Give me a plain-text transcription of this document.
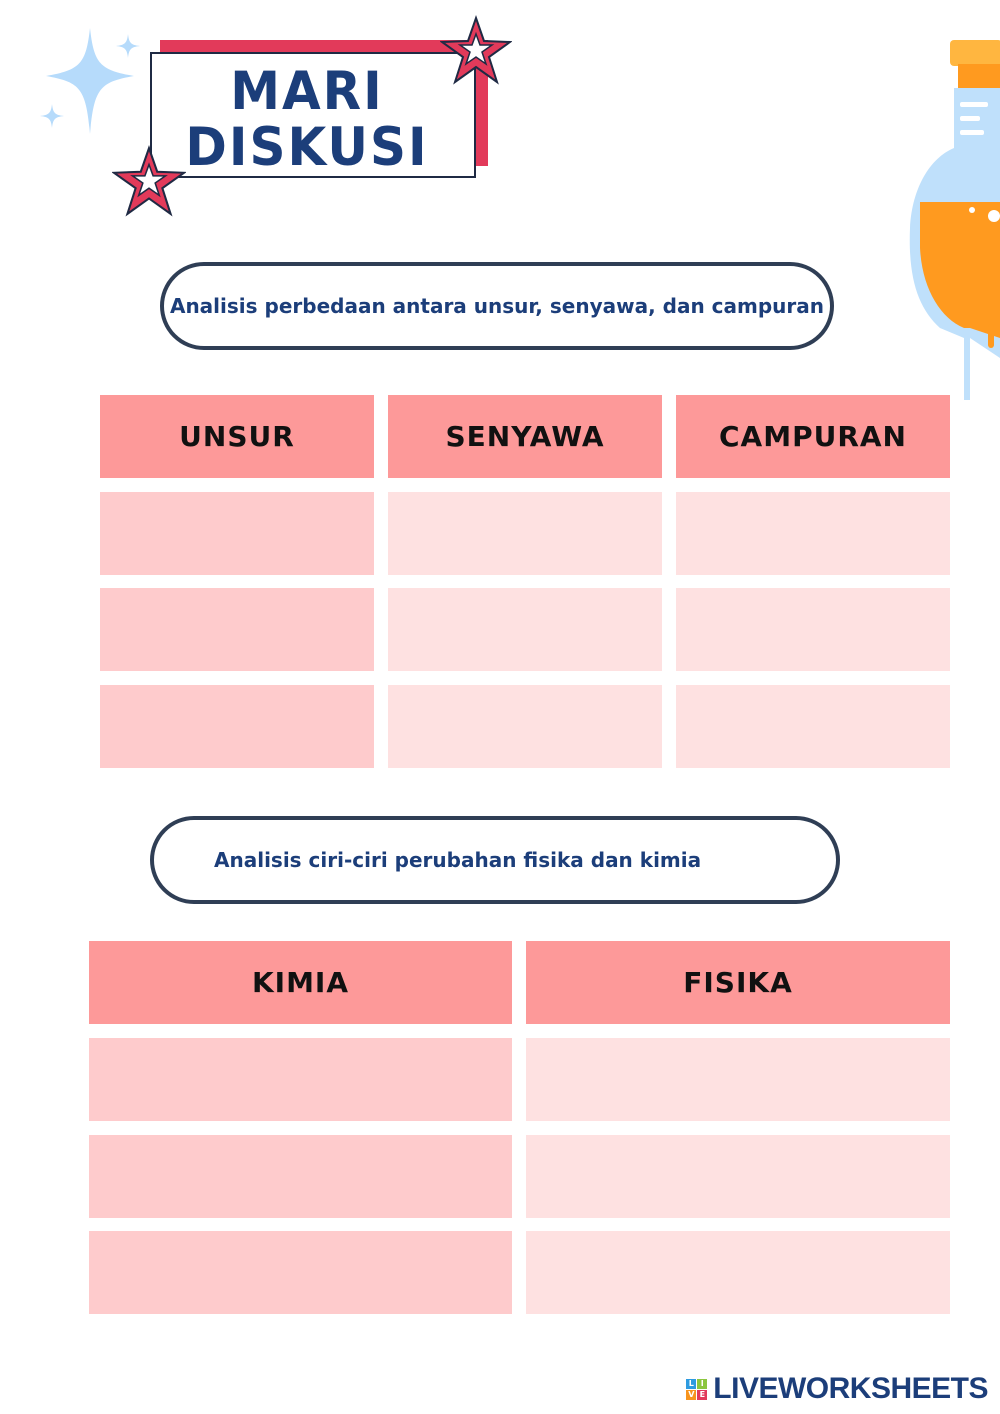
MARI
DISKUSI
Analisis perbedaan antara unsur, senyawa, dan campuran
UNSUR	SENYAWA	CAMPURAN
Analisis ciri-ciri perubahan fisika dan kimia
KIMIA	FISIKA
L I
V E LIVEWORKSHEETS
